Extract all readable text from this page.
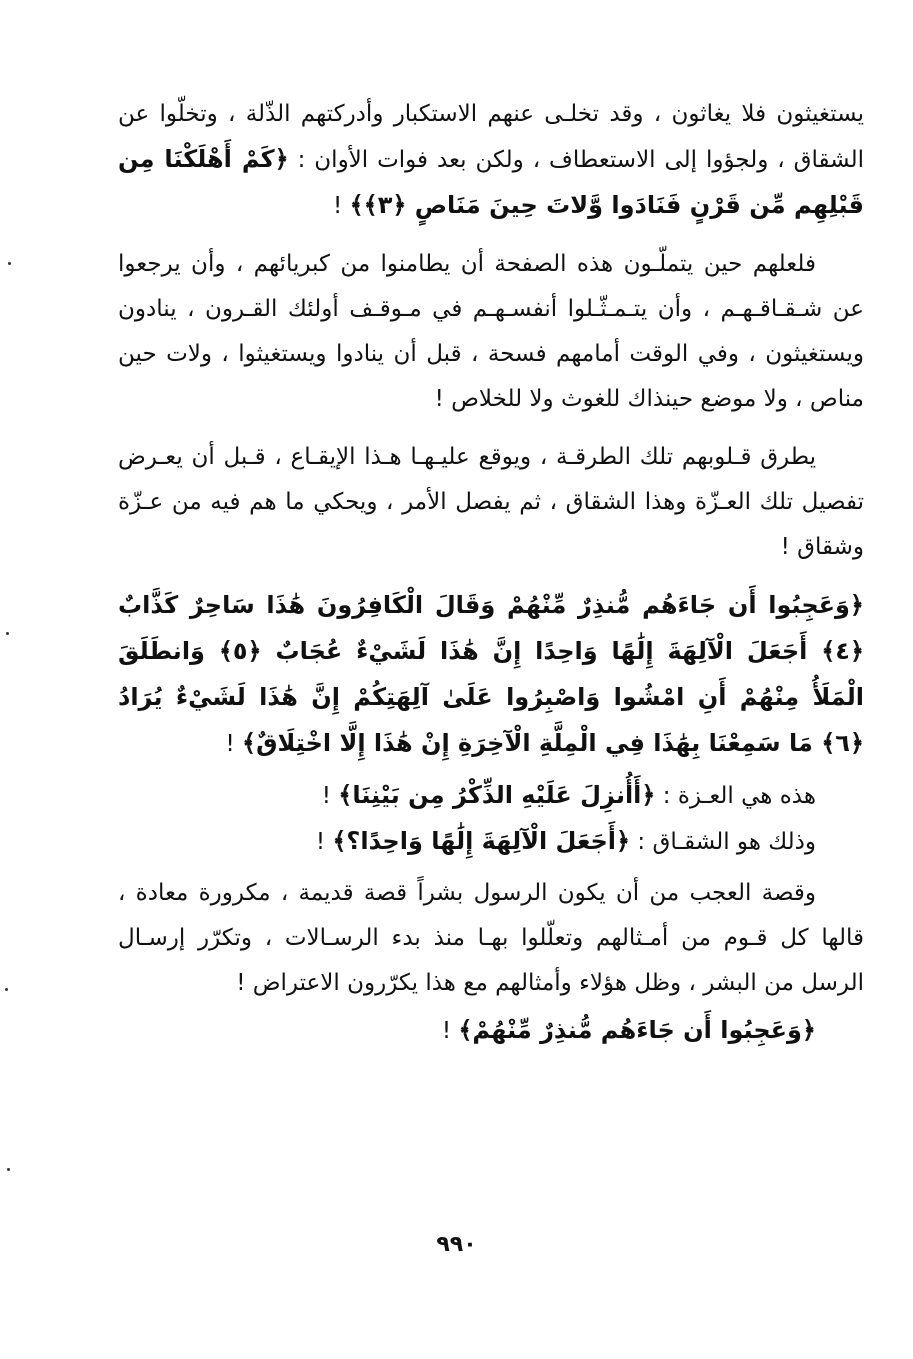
يستغيثون فلا يغاثون ، وقد تخلـى عنهم الاستكبار وأدركتهم الذّلة ، وتخلّوا عن الشقاق ، ولجؤوا إلى الاستعطاف ، ولكن بعد فوات الأوان : ﴿كَمْ أَهْلَكْنَا مِن قَبْلِهِم مِّن قَرْنٍ فَنَادَوا وَّلاتَ حِينَ مَنَاصٍ ﴿٣﴾﴾ !

فلعلهم حين يتملّـون هذه الصفحة أن يطامنوا من كبريائهم ، وأن يرجعوا عن شـقـاقـهـم ، وأن يتـمـثّـلوا أنفسـهـم في مـوقـف أولئك القـرون ، ينادون ويستغيثون ، وفي الوقت أمامهم فسحة ، قبل أن ينادوا ويستغيثوا ، ولات حين مناص ، ولا موضع حينذاك للغوث ولا للخلاص !

يطرق قـلوبهم تلك الطرقـة ، ويوقع عليـهـا هـذا الإيقـاع ، قـبل أن يعـرض تفصيل تلك العـزّة وهذا الشقاق ، ثم يفصل الأمر ، ويحكي ما هم فيه من عـزّة وشقاق !

﴿وَعَجِبُوا أَن جَاءَهُم مُّنذِرٌ مِّنْهُمْ وَقَالَ الْكَافِرُونَ هَٰذَا سَاحِرٌ كَذَّابٌ ﴿٤﴾ أَجَعَلَ الْآلِهَةَ إِلَٰهًا وَاحِدًا إِنَّ هَٰذَا لَشَيْءٌ عُجَابٌ ﴿٥﴾ وَانطَلَقَ الْمَلَأُ مِنْهُمْ أَنِ امْشُوا وَاصْبِرُوا عَلَىٰ آلِهَتِكُمْ إِنَّ هَٰذَا لَشَيْءٌ يُرَادُ ﴿٦﴾ مَا سَمِعْنَا بِهَٰذَا فِي الْمِلَّةِ الْآخِرَةِ إِنْ هَٰذَا إِلَّا اخْتِلَاقٌ﴾ !

هذه هي العـزة : ﴿أَأُنزِلَ عَلَيْهِ الذِّكْرُ مِن بَيْنِنَا﴾ !

وذلك هو الشقـاق : ﴿أَجَعَلَ الْآلِهَةَ إِلَٰهًا وَاحِدًا؟﴾ !

وقصة العجب من أن يكون الرسول بشراً قصة قديمة ، مكرورة معادة ، قالها كل قـوم من أمـثالهم وتعلّلوا بهـا منذ بدء الرسـالات ، وتكرّر إرسـال الرسل من البشر ، وظل هؤلاء وأمثالهم مع هذا يكرّرون الاعتراض !

﴿وَعَجِبُوا أَن جَاءَهُم مُّنذِرٌ مِّنْهُمْ﴾ !

٩٩٠
